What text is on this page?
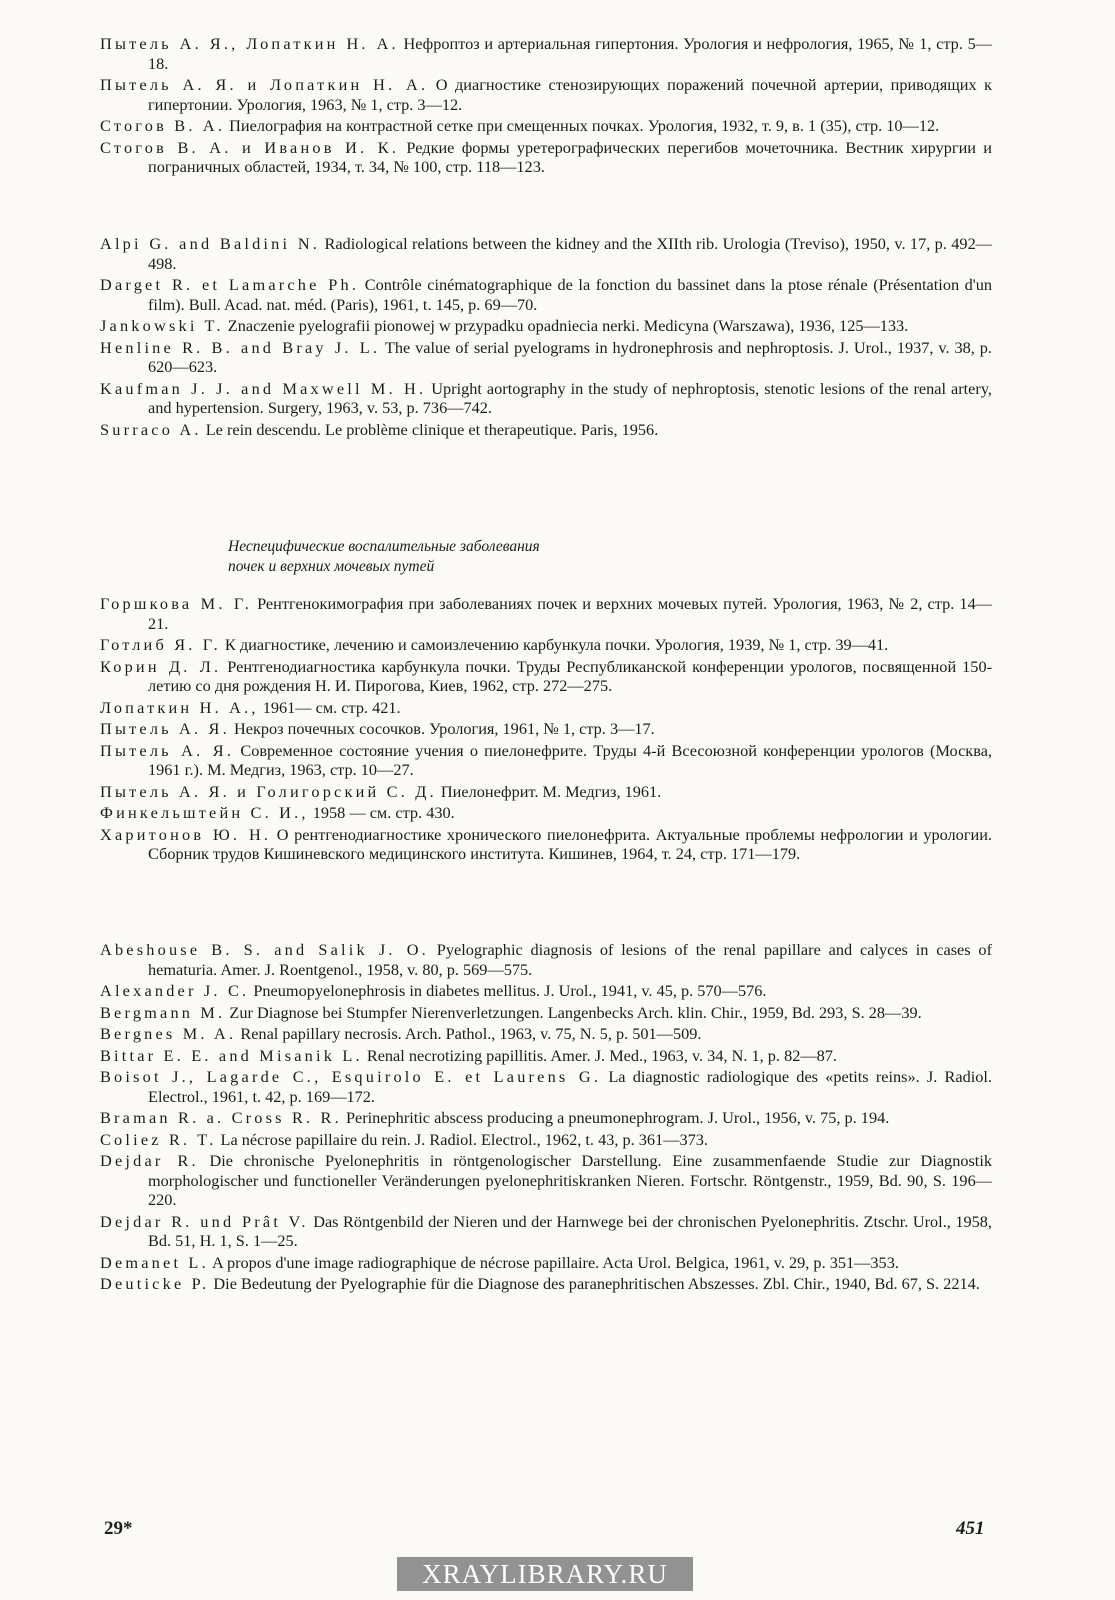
Пытель А. Я., Лопаткин Н. А. Нефроптоз и артериальная гипертония. Урология и нефрология, 1965, № 1, стр. 5—18.

Пытель А. Я. и Лопаткин Н. А. О диагностике стенозирующих поражений почечной артерии, приводящих к гипертонии. Урология, 1963, № 1, стр. 3—12.

Стогов В. А. Пиелография на контрастной сетке при смещенных почках. Урология, 1932, т. 9, в. 1 (35), стр. 10—12.

Стогов В. А. и Иванов И. К. Редкие формы уретерографических перегибов мочеточника. Вестник хирургии и пограничных областей, 1934, т. 34, № 100, стр. 118—123.

Alpi G. and Baldini N. Radiological relations between the kidney and the XIIth rib. Urologia (Treviso), 1950, v. 17, p. 492—498.

Darget R. et Lamarche Ph. Contrôle cinématographique de la fonction du bassinet dans la ptose rénale (Présentation d'un film). Bull. Acad. nat. méd. (Paris), 1961, t. 145, p. 69—70.

Jankowski T. Znaczenie pyelografii pionowej w przypadku opadniecia nerki. Medicyna (Warszawa), 1936, 125—133.

Henline R. B. and Bray J. L. The value of serial pyelograms in hydronephrosis and nephroptosis. J. Urol., 1937, v. 38, p. 620—623.

Kaufman J. J. and Maxwell M. H. Upright aortography in the study of nephroptosis, stenotic lesions of the renal artery, and hypertension. Surgery, 1963, v. 53, p. 736—742.

Surraco A. Le rein descendu. Le problème clinique et therapeutique. Paris, 1956.

Неспецифические воспалительные заболевания
почек и верхних мочевых путей

Горшкова М. Г. Рентгенокимография при заболеваниях почек и верхних мочевых путей. Урология, 1963, № 2, стр. 14—21.

Готлиб Я. Г. К диагностике, лечению и самоизлечению карбункула почки. Урология, 1939, № 1, стр. 39—41.

Корин Д. Л. Рентгенодиагностика карбункула почки. Труды Республиканской конференции урологов, посвященной 150-летию со дня рождения Н. И. Пирогова, Киев, 1962, стр. 272—275.

Лопаткин Н. А., 1961— см. стр. 421.

Пытель А. Я. Некроз почечных сосочков. Урология, 1961, № 1, стр. 3—17.

Пытель А. Я. Современное состояние учения о пиелонефрите. Труды 4-й Всесоюзной конференции урологов (Москва, 1961 г.). М. Медгиз, 1963, стр. 10—27.

Пытель А. Я. и Голигорский С. Д. Пиелонефрит. М. Медгиз, 1961.

Финкельштейн С. И., 1958 — см. стр. 430.

Харитонов Ю. Н. О рентгенодиагностике хронического пиелонефрита. Актуальные проблемы нефрологии и урологии. Сборник трудов Кишиневского медицинского института. Кишинев, 1964, т. 24, стр. 171—179.

Abeshouse B. S. and Salik J. O. Pyelographic diagnosis of lesions of the renal papillare and calyces in cases of hematuria. Amer. J. Roentgenol., 1958, v. 80, p. 569—575.

Alexander J. C. Pneumopyelonephrosis in diabetes mellitus. J. Urol., 1941, v. 45, p. 570—576.

Bergmann M. Zur Diagnose bei Stumpfer Nierenverletzungen. Langenbecks Arch. klin. Chir., 1959, Bd. 293, S. 28—39.

Bergnes M. A. Renal papillary necrosis. Arch. Pathol., 1963, v. 75, N. 5, p. 501—509.

Bittar E. E. and Misanik L. Renal necrotizing papillitis. Amer. J. Med., 1963, v. 34, N. 1, p. 82—87.

Boisot J., Lagarde C., Esquirolo E. et Laurens G. La diagnostic radiologique des «petits reins». J. Radiol. Electrol., 1961, t. 42, p. 169—172.

Braman R. a. Cross R. R. Perinephritic abscess producing a pneumonephrogram. J. Urol., 1956, v. 75, p. 194.

Coliez R. T. La nécrose papillaire du rein. J. Radiol. Electrol., 1962, t. 43, p. 361—373.

Dejdar R. Die chronische Pyelonephritis in röntgenologischer Darstellung. Eine zusammenfaende Studie zur Diagnostik morphologischer und functioneller Veränderungen pyelonephritiskranken Nieren. Fortschr. Röntgenstr., 1959, Bd. 90, S. 196—220.

Dejdar R. und Prât V. Das Röntgenbild der Nieren und der Harnwege bei der chronischen Pyelonephritis. Ztschr. Urol., 1958, Bd. 51, H. 1, S. 1—25.

Demanet L. A propos d'une image radiographique de nécrose papillaire. Acta Urol. Belgica, 1961, v. 29, p. 351—353.

Deuticke P. Die Bedeutung der Pyelographie für die Diagnose des paranephritischen Abszesses. Zbl. Chir., 1940, Bd. 67, S. 2214.

29*	451
XRAYLIBRARY.RU
